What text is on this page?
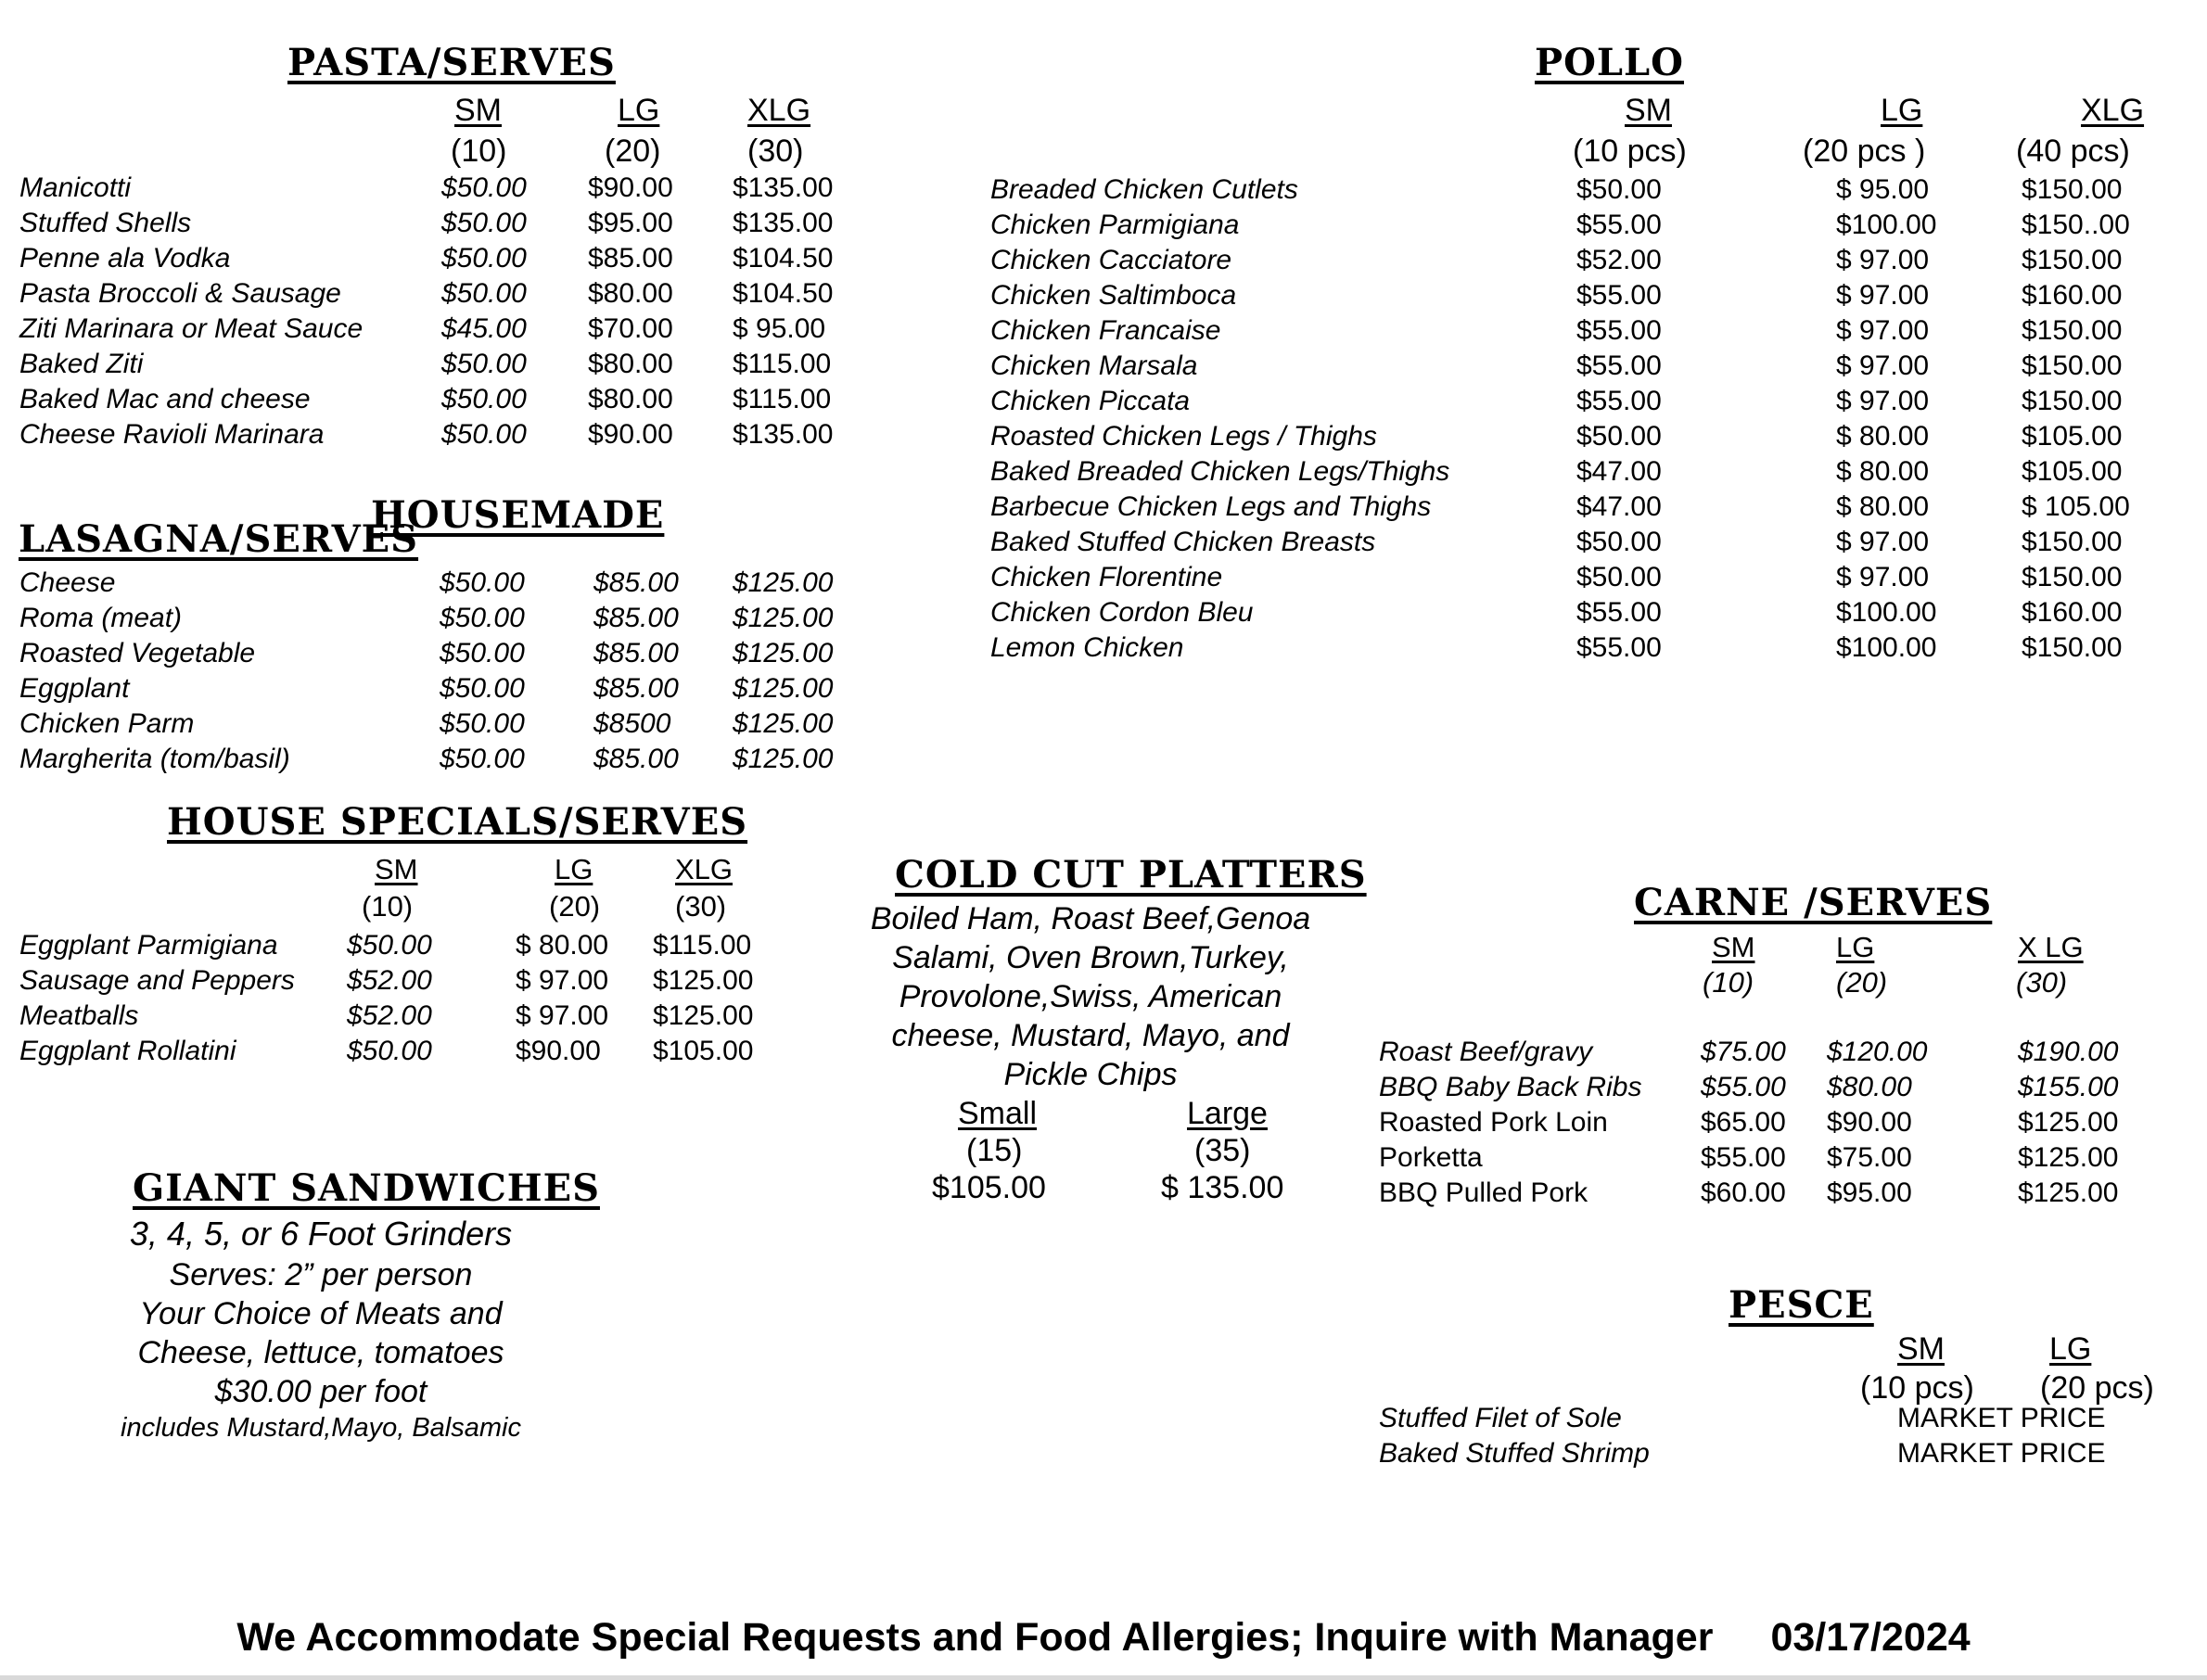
PASTA/SERVES
SM	LG	XLG
(10)	(20)	(30)
Manicotti	$50.00 $90.00 $135.00
Stuffed Shells	$50.00 $95.00 $135.00
Penne ala Vodka	$50.00 $85.00 $104.50
Pasta Broccoli & Sausage	$50.00 $80.00 $104.50
Ziti Marinara or Meat Sauce	$45.00 $70.00 $ 95.00
Baked Ziti	$50.00 $80.00 $115.00
Baked Mac and cheese	$50.00 $80.00 $115.00
Cheese Ravioli Marinara	$50.00 $90.00 $135.00
HOUSEMADE
LASAGNA/SERVES
Cheese	$50.00 $85.00 $125.00
Roma (meat)	$50.00 $85.00 $125.00
Roasted Vegetable	$50.00 $85.00 $125.00
Eggplant	$50.00 $85.00 $125.00
Chicken Parm	$50.00 $8500 $125.00
Margherita (tom/basil)	$50.00 $85.00 $125.00
HOUSE SPECIALS/SERVES
SM	LG	XLG
(10)	(20)	(30)
Eggplant Parmigiana $50.00	$ 80.00 $115.00
Sausage and Peppers $52.00	$ 97.00 $125.00
Meatballs	$52.00	$ 97.00 $125.00
Eggplant Rollatini	$50.00	$90.00 $105.00
GIANT SANDWICHES
3, 4, 5, or 6 Foot Grinders
Serves: 2” per person
Your Choice of Meats and
Cheese, lettuce, tomatoes
$30.00 per foot
includes Mustard,Mayo, Balsamic
COLD CUT PLATTERS
Boiled Ham, Roast Beef,Genoa
Salami, Oven Brown,Turkey,
Provolone,Swiss, American
cheese, Mustard, Mayo, and
Pickle Chips
Small	Large
(15)	(35)
$105.00	$ 135.00
POLLO
SM	LG	XLG
(10 pcs)	(20 pcs )	(40 pcs)
Breaded Chicken Cutlets	$50.00	$ 95.00	$150.00
Chicken Parmigiana	$55.00	$100.00	$150..00
Chicken Cacciatore	$52.00	$ 97.00	$150.00
Chicken Saltimboca	$55.00	$ 97.00	$160.00
Chicken Francaise	$55.00	$ 97.00	$150.00
Chicken Marsala	$55.00	$ 97.00	$150.00
Chicken Piccata	$55.00	$ 97.00	$150.00
Roasted Chicken Legs / Thighs	$50.00	$ 80.00	$105.00
Baked Breaded Chicken Legs/Thighs	$47.00	$ 80.00	$105.00
Barbecue Chicken Legs and Thighs	$47.00	$ 80.00	$ 105.00
Baked Stuffed Chicken Breasts	$50.00	$ 97.00	$150.00
Chicken Florentine	$50.00	$ 97.00	$150.00
Chicken Cordon Bleu	$55.00	$100.00	$160.00
Lemon Chicken	$55.00	$100.00	$150.00
CARNE /SERVES
SM	LG	X LG
(10)	(20)	(30)
Roast Beef/gravy	$75.00 $120.00	$190.00
BBQ Baby Back Ribs $55.00 $80.00	$155.00
Roasted Pork Loin	$65.00 $90.00	$125.00
Porketta	$55.00 $75.00	$125.00
BBQ Pulled Pork	$60.00 $95.00	$125.00
PESCE
SM	LG
(10 pcs) (20 pcs)
Stuffed Filet of Sole	MARKET PRICE
Baked Stuffed Shrimp	MARKET PRICE
We Accommodate Special Requests and Food Allergies; Inquire with Manager 03/17/2024
